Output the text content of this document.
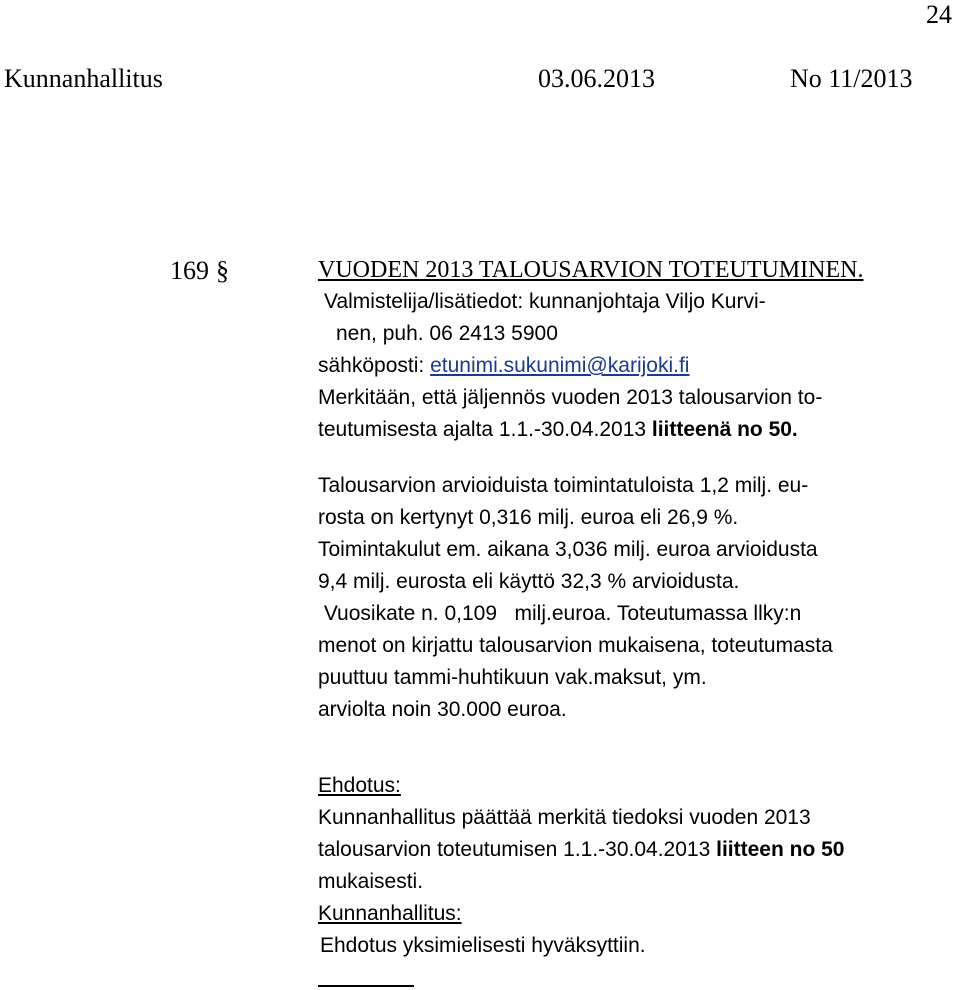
24
Kunnanhallitus	03.06.2013	No 11/2013
169 §	VUODEN 2013 TALOUSARVION TOTEUTUMINEN.
Valmistelija/lisätiedot: kunnanjohtaja Viljo Kurvi-
nen, puh. 06 2413 5900
sähköposti: etunimi.sukunimi@karijoki.fi
Merkitään, että jäljennös vuoden 2013 talousarvion to-
teutumisesta ajalta 1.1.-30.04.2013 liitteenä no 50.
Talousarvion arvioiduista toimintatuloista 1,2 milj. eu-
rosta on kertynyt 0,316 milj. euroa eli 26,9 %.
Toimintakulut em. aikana 3,036 milj. euroa arvioidusta
9,4 milj. eurosta eli käyttö 32,3 % arvioidusta.
Vuosikate n. 0,109   milj.euroa. Toteutumassa llky:n
menot on kirjattu talousarvion mukaisena, toteutumasta
puuttuu tammi-huhtikuun vak.maksut, ym.
arviolta noin 30.000 euroa.
Ehdotus:
Kunnanhallitus päättää merkitä tiedoksi vuoden 2013
talousarvion toteutumisen 1.1.-30.04.2013 liitteen no 50
mukaisesti.
Kunnanhallitus:
Ehdotus yksimielisesti hyväksyttiin.
